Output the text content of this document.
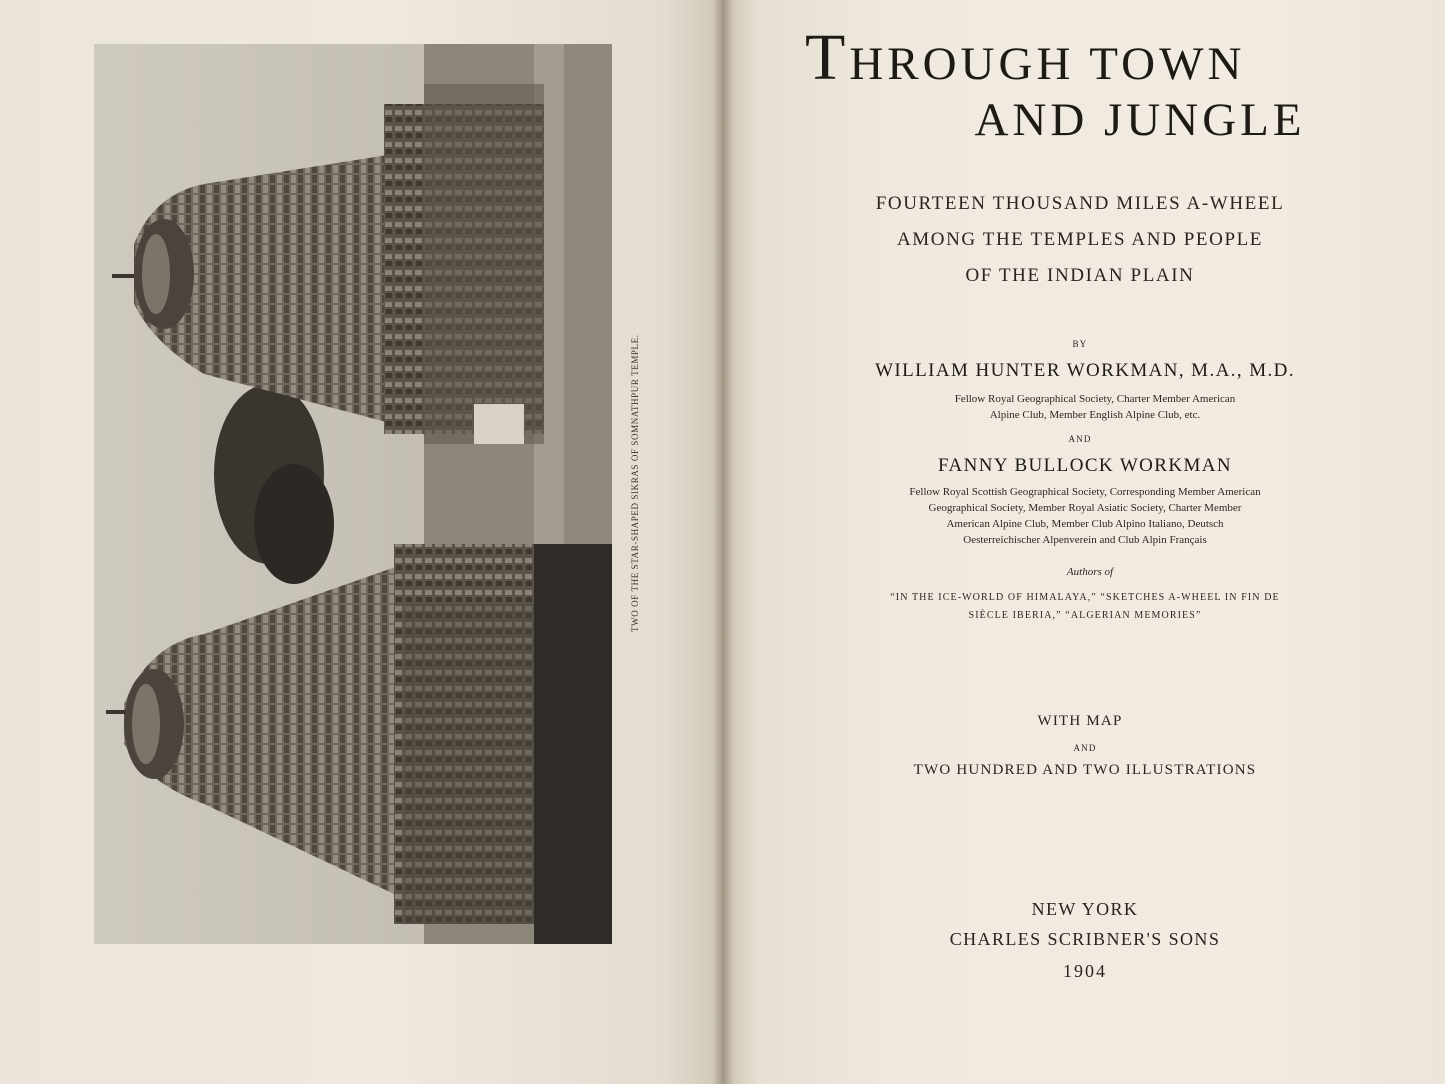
TWO OF THE STAR-SHAPED SIKRAS OF SOMNATHPUR TEMPLE.
THROUGH TOWN
AND JUNGLE
FOURTEEN THOUSAND MILES A-WHEEL
AMONG THE TEMPLES AND PEOPLE
OF THE INDIAN PLAIN
BY
WILLIAM HUNTER WORKMAN, M.A., M.D.
Fellow Royal Geographical Society, Charter Member American
Alpine Club, Member English Alpine Club, etc.
AND
FANNY BULLOCK WORKMAN
Fellow Royal Scottish Geographical Society, Corresponding Member American
Geographical Society, Member Royal Asiatic Society, Charter Member
American Alpine Club, Member Club Alpino Italiano, Deutsch
Oesterreichischer Alpenverein and Club Alpin Français
Authors of
“IN THE ICE-WORLD OF HIMALAYA,” “SKETCHES A-WHEEL IN FIN DE
SIÈCLE IBERIA,” “ALGERIAN MEMORIES”
WITH MAP
AND
TWO HUNDRED AND TWO ILLUSTRATIONS
NEW YORK
CHARLES SCRIBNER'S SONS
1904
